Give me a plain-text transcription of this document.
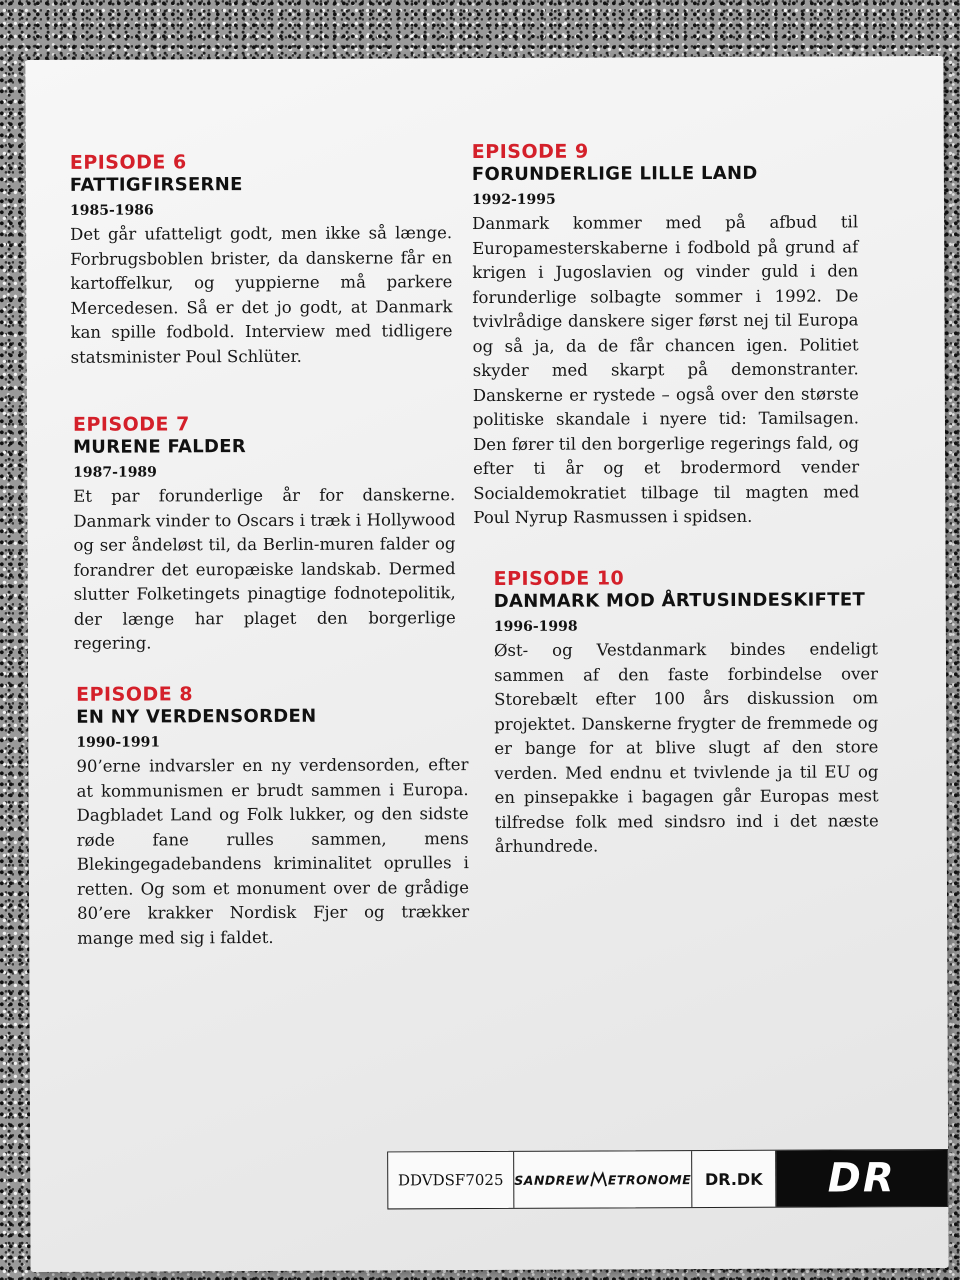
EPISODE 6
FATTIGFIRSERNE
1985-1986
Det går ufatteligt godt, men ikke så længe. Forbrugsboblen brister, da danskerne får en kartoffelkur, og yuppierne må parkere Mercedesen. Så er det jo godt, at Danmark kan spille fodbold. Interview med tidligere statsminister Poul Schlüter.
EPISODE 7
MURENE FALDER
1987-1989
Et par forunderlige år for danskerne. Danmark vinder to Oscars i træk i Hollywood og ser åndeløst til, da Berlin-muren falder og forandrer det europæiske landskab. Dermed slutter Folketingets pinagtige fodnotepolitik, der længe har plaget den borgerlige regering.
EPISODE 8
EN NY VERDENSORDEN
1990-1991
90’erne indvarsler en ny verdensorden, efter at kommunismen er brudt sammen i Europa. Dagbladet Land og Folk lukker, og den sidste røde fane rulles sammen, mens Blekingegadebandens kriminalitet oprulles i retten. Og som et monument over de grådige 80’ere krakker Nordisk Fjer og trækker mange med sig i faldet.
EPISODE 9
FORUNDERLIGE LILLE LAND
1992-1995
Danmark kommer med på afbud til Europamesterskaberne i fodbold på grund af krigen i Jugoslavien og vinder guld i den forunderlige solbagte sommer i 1992. De tvivlrådige danskere siger først nej til Europa og så ja, da de får chancen igen. Politiet skyder med skarpt på demonstranter. Danskerne er rystede – også over den største politiske skandale i nyere tid: Tamilsagen. Den fører til den borgerlige regerings fald, og efter ti år og et brodermord vender Socialdemokratiet tilbage til magten med Poul Nyrup Rasmussen i spidsen.
EPISODE 10
DANMARK MOD ÅRTUSINDESKIFTET
1996-1998
Øst- og Vestdanmark bindes endeligt sammen af den faste forbindelse over Storebælt efter 100 års diskussion om projektet. Danskerne frygter de fremmede og er bange for at blive slugt af den store verden. Med endnu et tvivlende ja til EU og en pinsepakke i bagagen går Europas mest tilfredse folk med sindsro ind i det næste århundrede.
DDVDSF7025 SANDREW ETRONOME DR.DK	DR
